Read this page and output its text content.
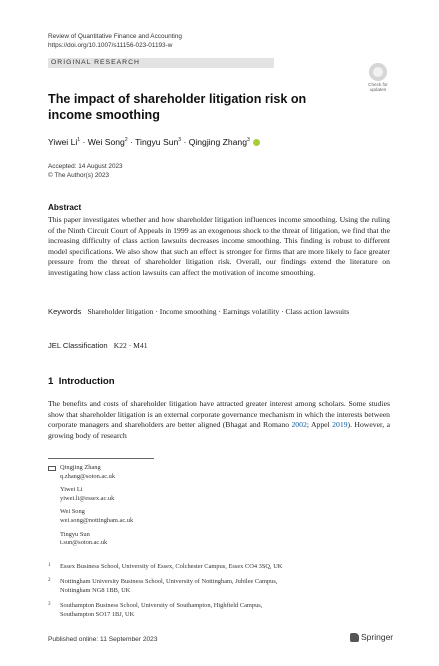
Review of Quantitative Finance and Accounting
https://doi.org/10.1007/s11156-023-01193-w
ORIGINAL RESEARCH
Check for
updates
The impact of shareholder litigation risk on income smoothing
Yiwei $Li^1$ · Wei Song$^2$ · Tingyu Sun$^3$ · Qingjing Zhang$^3$
Accepted: 14 August 2023
© The Author(s) 2023
Abstract
This paper investigates whether and how shareholder litigation influences income smoothing. Using the ruling of the Ninth Circuit Court of Appeals in 1999 as an exogenous shock to the threat of litigation, we find that the increasing difficulty of class action lawsuits decreases income smoothing. This finding is robust to different model specifications. We also show that such an effect is stronger for firms that are more likely to face greater pressure from the threat of shareholder litigation risk. Overall, our findings extend the literature on investigating how class action lawsuits can affect the motivation of income smoothing.
Keywords Shareholder litigation · Income smoothing · Earnings volatility · Class action lawsuits
JEL Classification K22 · M41
1 Introduction
The benefits and costs of shareholder litigation have attracted greater interest among scholars. Some studies show that shareholder litigation is an external corporate governance mechanism in which the interests between corporate managers and shareholders are better aligned (Bhagat and Romano 2002; Appel 2019). However, a growing body of research
Qingjing Zhang
q.zhang@soton.ac.uk
Yiwei Li
yiwei.li@essex.ac.uk
Wei Song
wei.song@nottingham.ac.uk
Tingyu Sun
t.sun@soton.ac.uk
1 Essex Business School, University of Essex, Colchester Campus, Essex CO4 3SQ, UK
2 Nottingham University Business School, University of Nottingham, Jubilee Campus,
Nottingham NG8 1BB, UK
3 Southampton Business School, University of Southampton, Highfield Campus,
Southampton SO17 1BJ, UK
Published online: 11 September 2023	Springer
